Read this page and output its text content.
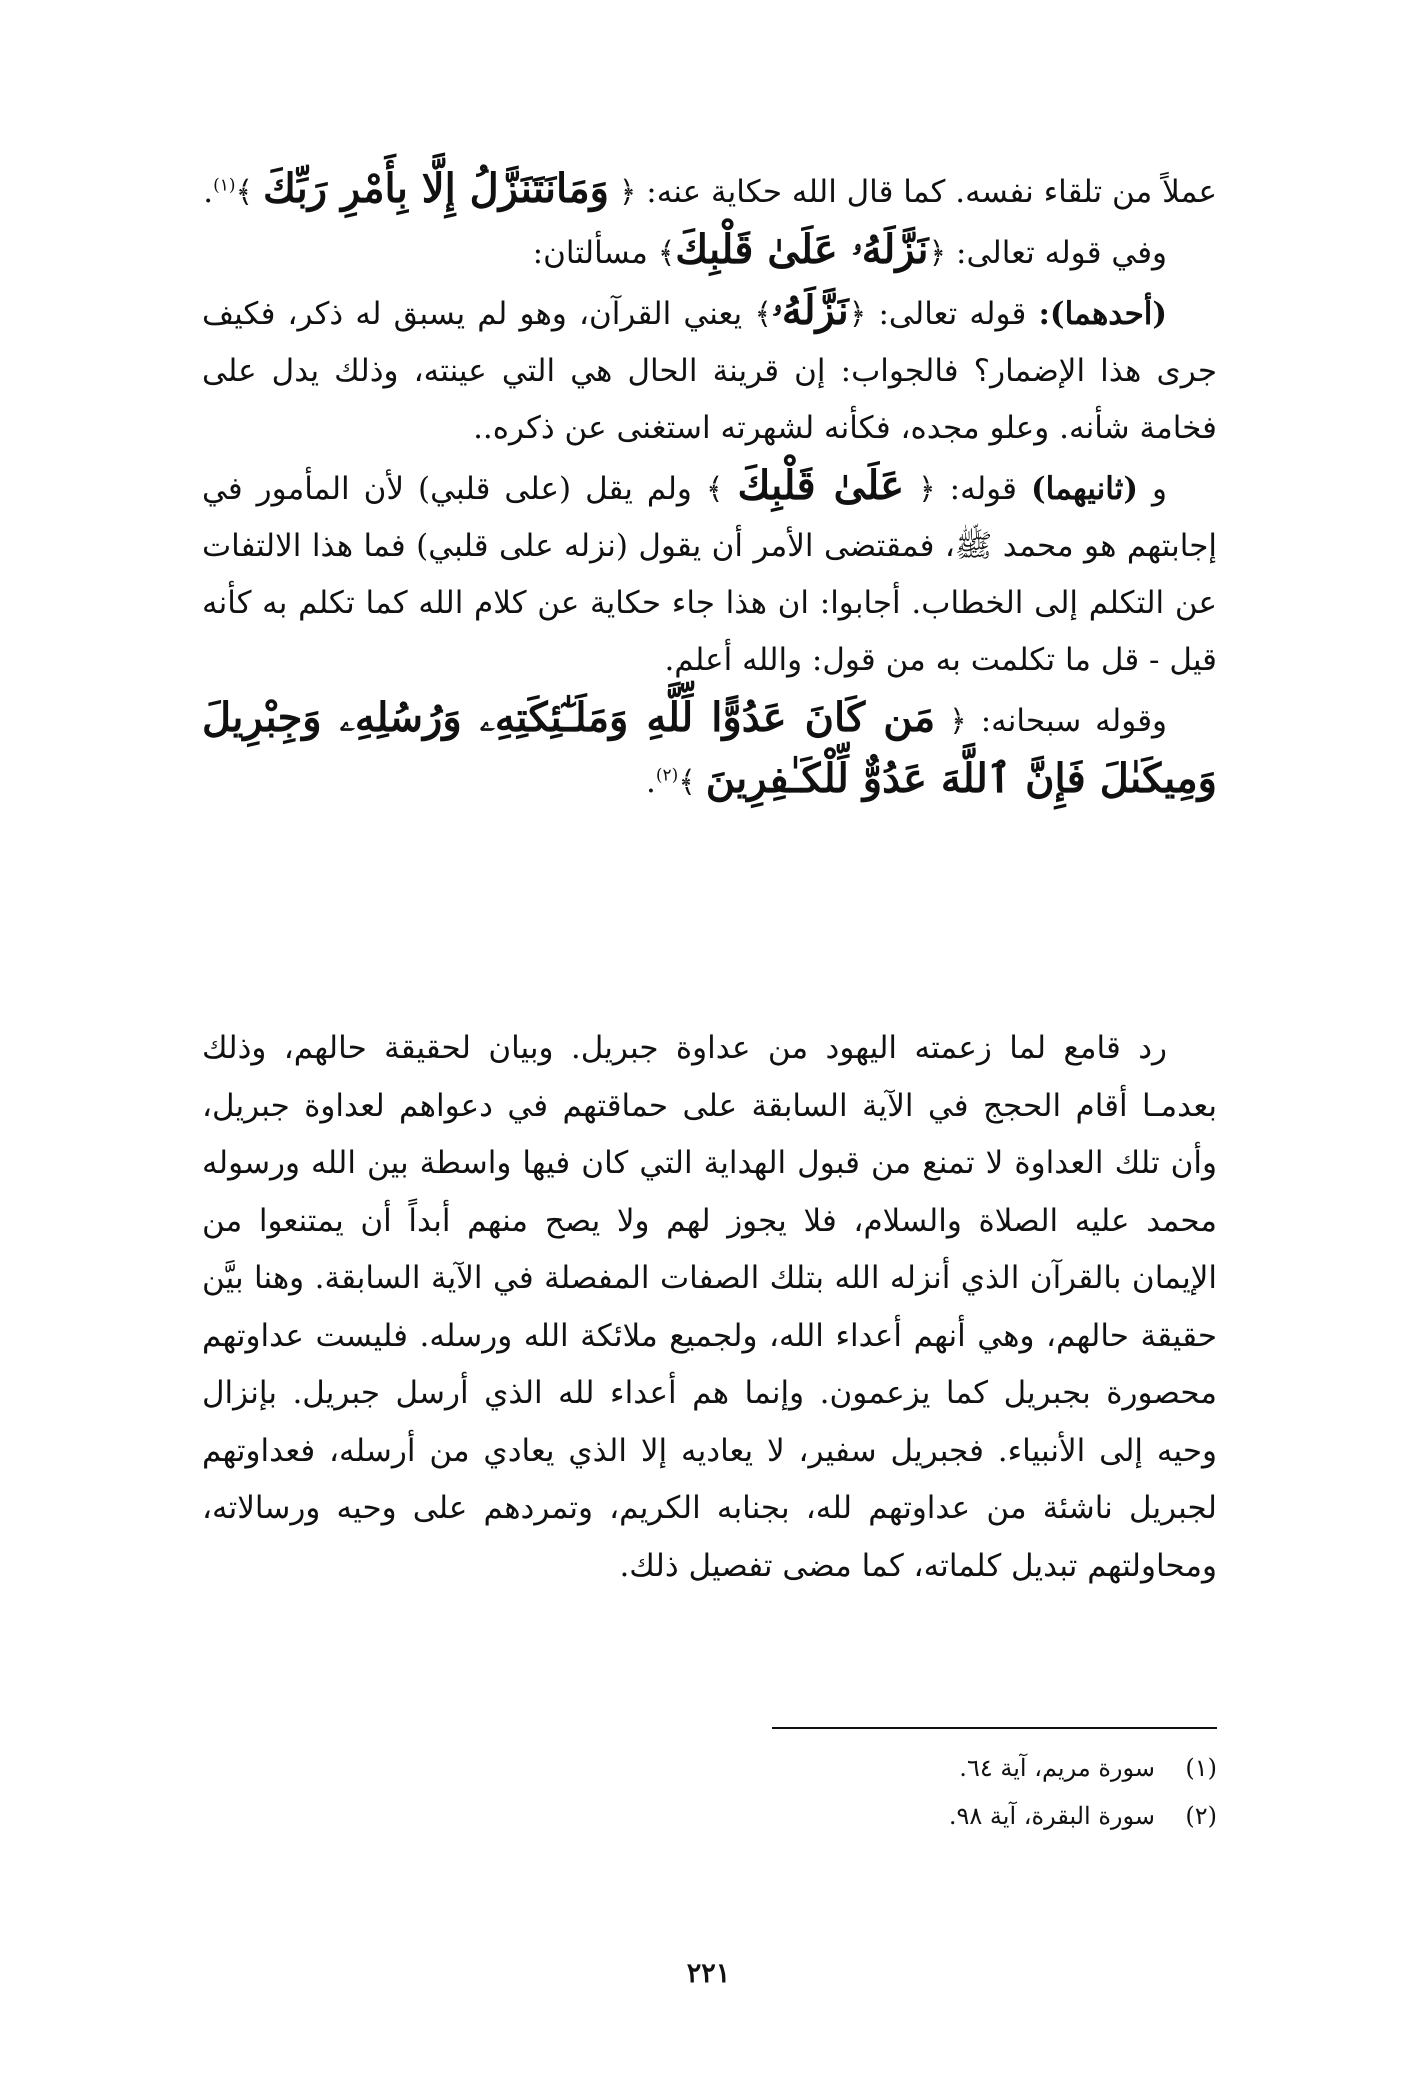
عملاً من تلقاء نفسه. كما قال الله حكاية عنه: ﴿ وَمَانَتَنَزَّلُ إِلَّا بِأَمْرِ رَبِّكَ ﴾$^{(١)}$.

وفي قوله تعالى: ﴿نَزَّلَهُۥ عَلَىٰ قَلْبِكَ﴾ مسألتان:

(أحدهما): قوله تعالى: ﴿نَزَّلَهُۥ﴾ يعني القرآن، وهو لم يسبق له ذكر، فكيف جرى هذا الإضمار؟ فالجواب: إن قرينة الحال هي التي عينته، وذلك يدل على فخامة شأنه. وعلو مجده، فكأنه لشهرته استغنى عن ذكره..

و (ثانيهما) قوله: ﴿ عَلَىٰ قَلْبِكَ ﴾ ولم يقل (على قلبي) لأن المأمور في إجابتهم هو محمد ﷺ، فمقتضى الأمر أن يقول (نزله على قلبي) فما هذا الالتفات عن التكلم إلى الخطاب. أجابوا: ان هذا جاء حكاية عن كلام الله كما تكلم به كأنه قيل - قل ما تكلمت به من قول: والله أعلم.

وقوله سبحانه: ﴿ مَن كَانَ عَدُوًّا لِّلَّهِ وَمَلَـٰٓئِكَتِهِۦ وَرُسُلِهِۦ وَجِبْرِيلَ وَمِيكَىٰلَ فَإِنَّ ٱللَّهَ عَدُوٌّ لِّلْكَـٰفِرِينَ ﴾$^{(٢)}$.

رد قامع لما زعمته اليهود من عداوة جبريل. وبيان لحقيقة حالهم، وذلك بعدمـا أقام الحجج في الآية السابقة على حماقتهم في دعواهم لعداوة جبريل، وأن تلك العداوة لا تمنع من قبول الهداية التي كان فيها واسطة بين الله ورسوله محمد عليه الصلاة والسلام، فلا يجوز لهم ولا يصح منهم أبداً أن يمتنعوا من الإيمان بالقرآن الذي أنزله الله بتلك الصفات المفصلة في الآية السابقة. وهنا بيَّن حقيقة حالهم، وهي أنهم أعداء الله، ولجميع ملائكة الله ورسله. فليست عداوتهم محصورة بجبريل كما يزعمون. وإنما هم أعداء لله الذي أرسل جبريل. بإنزال وحيه إلى الأنبياء. فجبريل سفير، لا يعاديه إلا الذي يعادي من أرسله، فعداوتهم لجبريل ناشئة من عداوتهم لله، بجنابه الكريم، وتمردهم على وحيه ورسالاته، ومحاولتهم تبديل كلماته، كما مضى تفصيل ذلك.

(١)
سورة مريم، آية ٦٤.
(٢)
سورة البقرة، آية ٩٨.
٢٢١
